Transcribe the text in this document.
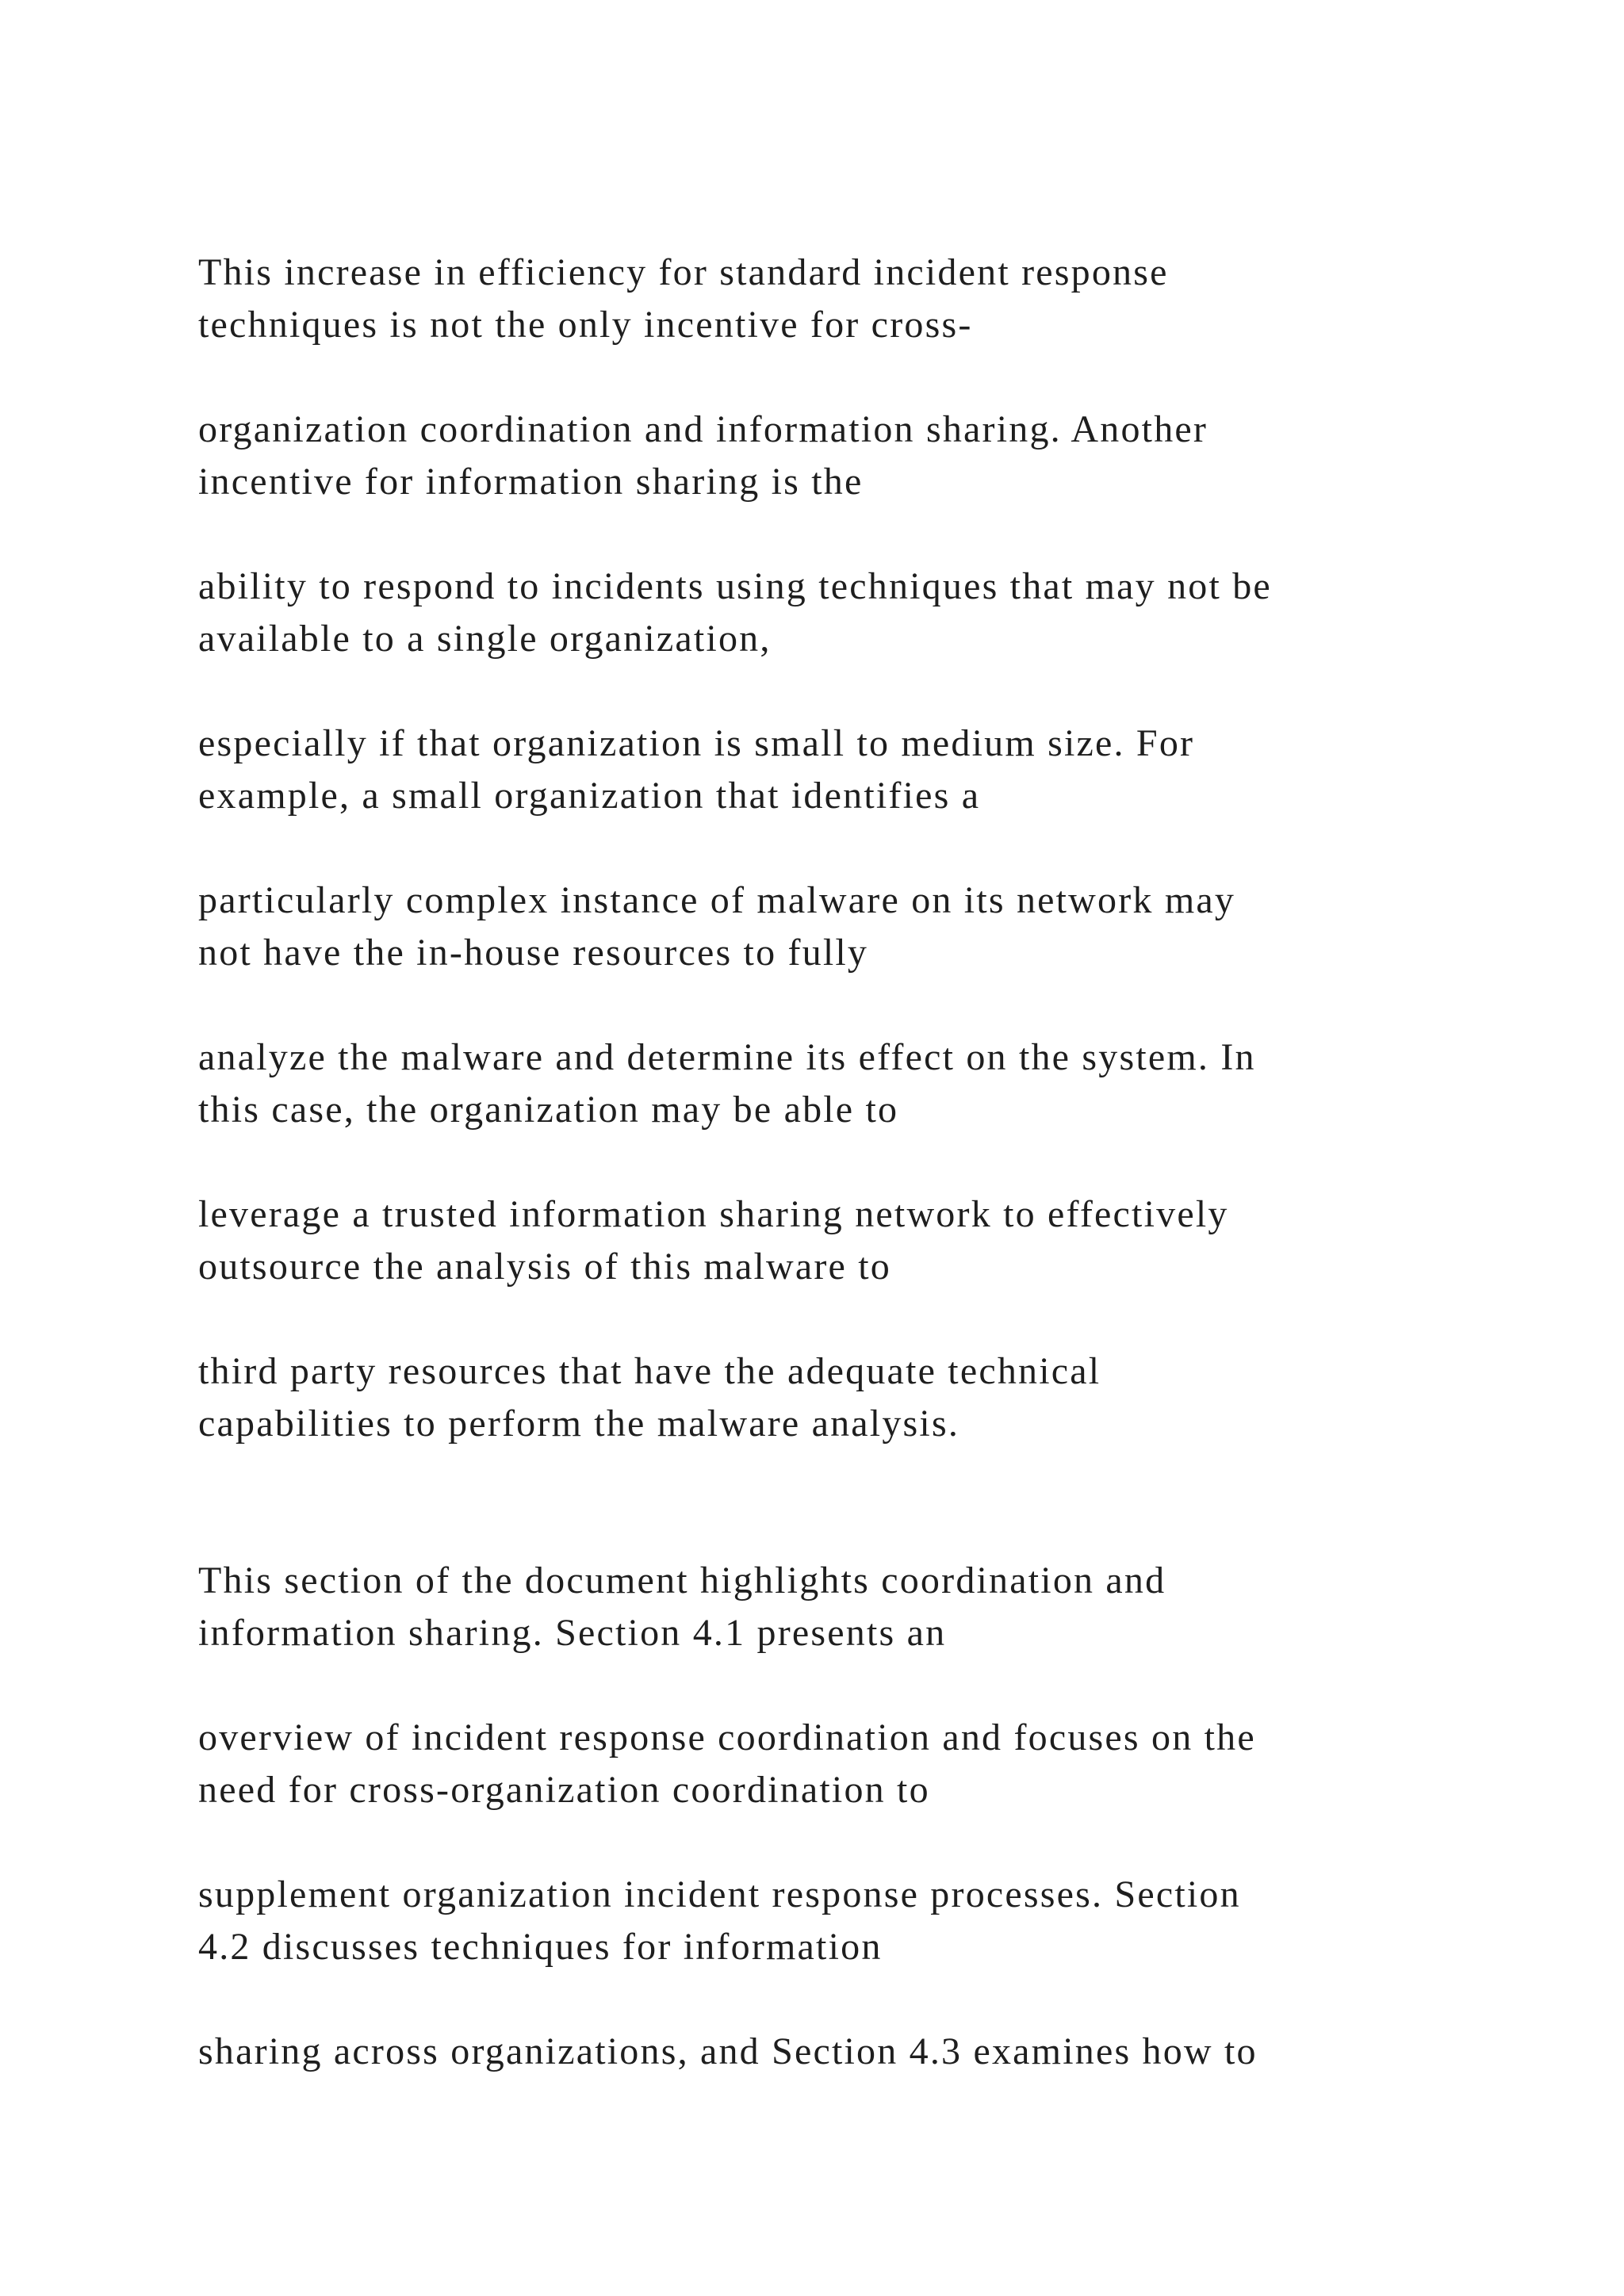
This increase in efficiency for standard incident response

techniques is not the only incentive for cross-

organization coordination and information sharing. Another

incentive for information sharing is the

ability to respond to incidents using techniques that may not be

available to a single organization,

especially if that organization is small to medium size. For

example, a small organization that identifies a

particularly complex instance of malware on its network may

not have the in-house resources to fully

analyze the malware and determine its effect on the system. In

this case, the organization may be able to

leverage a trusted information sharing network to effectively

outsource the analysis of this malware to

third party resources that have the adequate technical

capabilities to perform the malware analysis.

This section of the document highlights coordination and

information sharing. Section 4.1 presents an

overview of incident response coordination and focuses on the

need for cross-organization coordination to

supplement organization incident response processes. Section

4.2 discusses techniques for information

sharing across organizations, and Section 4.3 examines how to
